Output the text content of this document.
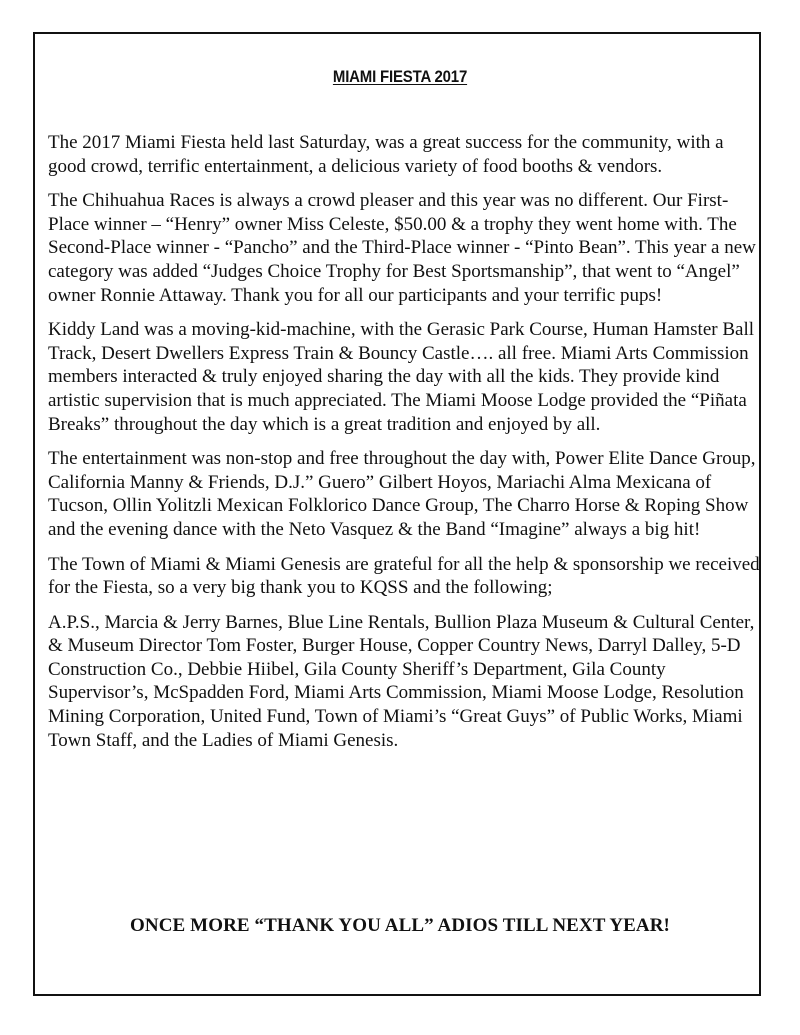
MIAMI FIESTA 2017

The 2017 Miami Fiesta held last Saturday, was a great success for the community, with a good crowd, terrific entertainment, a delicious variety of food booths & vendors.

The Chihuahua Races is always a crowd pleaser and this year was no different. Our First-Place winner – “Henry” owner Miss Celeste, $50.00 & a trophy they went home with. The Second-Place winner - “Pancho” and the Third-Place winner - “Pinto Bean”. This year a new category was added “Judges Choice Trophy for Best Sportsmanship”, that went to “Angel” owner Ronnie Attaway. Thank you for all our participants and your terrific pups!

Kiddy Land was a moving-kid-machine, with the Gerasic Park Course, Human Hamster Ball Track, Desert Dwellers Express Train & Bouncy Castle…. all free. Miami Arts Commission members interacted & truly enjoyed sharing the day with all the kids. They provide kind artistic supervision that is much appreciated. The Miami Moose Lodge provided the “Piñata Breaks” throughout the day which is a great tradition and enjoyed by all.

The entertainment was non-stop and free throughout the day with, Power Elite Dance Group, California Manny & Friends, D.J.” Guero” Gilbert Hoyos, Mariachi Alma Mexicana of Tucson, Ollin Yolitzli Mexican Folklorico Dance Group, The Charro Horse & Roping Show and the evening dance with the Neto Vasquez & the Band “Imagine” always a big hit!

The Town of Miami & Miami Genesis are grateful for all the help & sponsorship we received for the Fiesta, so a very big thank you to KQSS and the following;

A.P.S., Marcia & Jerry Barnes, Blue Line Rentals, Bullion Plaza Museum & Cultural Center, & Museum Director Tom Foster, Burger House, Copper Country News, Darryl Dalley, 5-D Construction Co., Debbie Hiibel, Gila County Sheriff’s Department, Gila County Supervisor’s, McSpadden Ford, Miami Arts Commission, Miami Moose Lodge, Resolution Mining Corporation, United Fund, Town of Miami’s “Great Guys” of Public Works, Miami Town Staff, and the Ladies of Miami Genesis.

ONCE MORE “THANK YOU ALL” ADIOS TILL NEXT YEAR!
